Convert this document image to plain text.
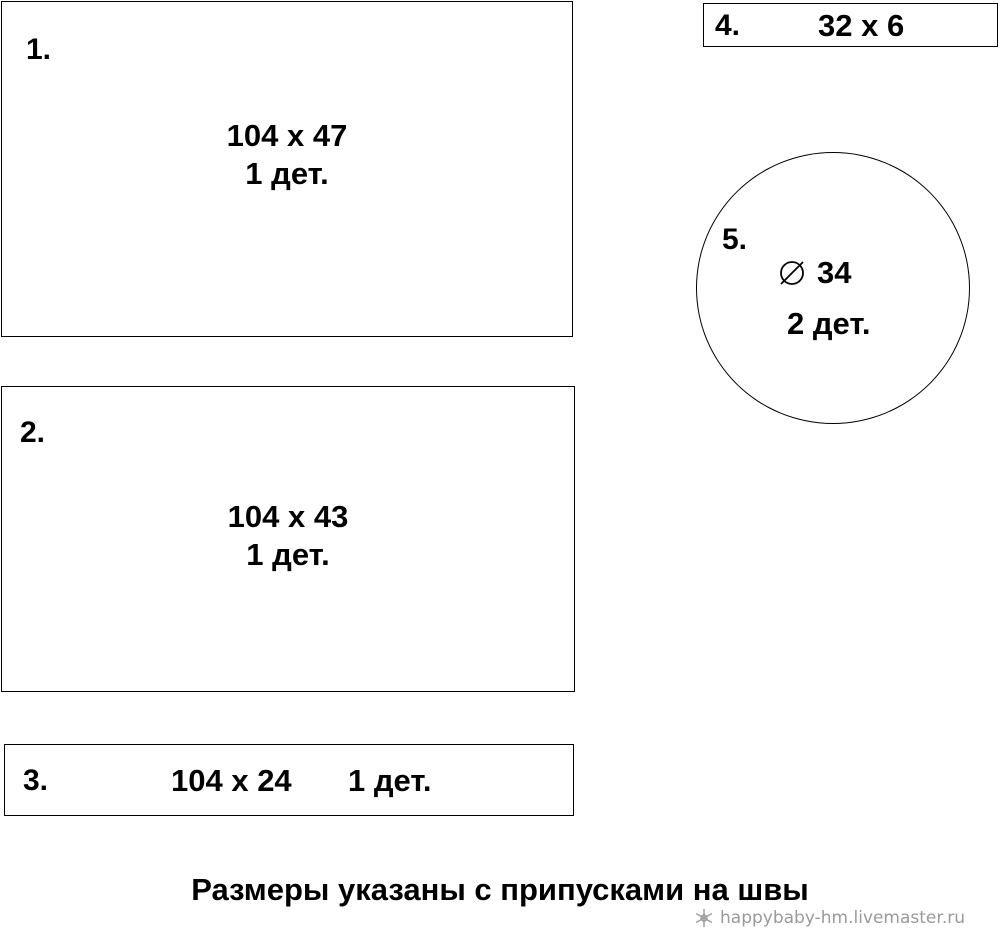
1.
104 x 47
1 дет.
2.
104 x 43
1 дет.
3.	104 x 24 1 дет.
4.	32 x 6
5.
34
2 дет.
Размеры указаны с припусками на швы
happybaby-hm.livemaster.ru
